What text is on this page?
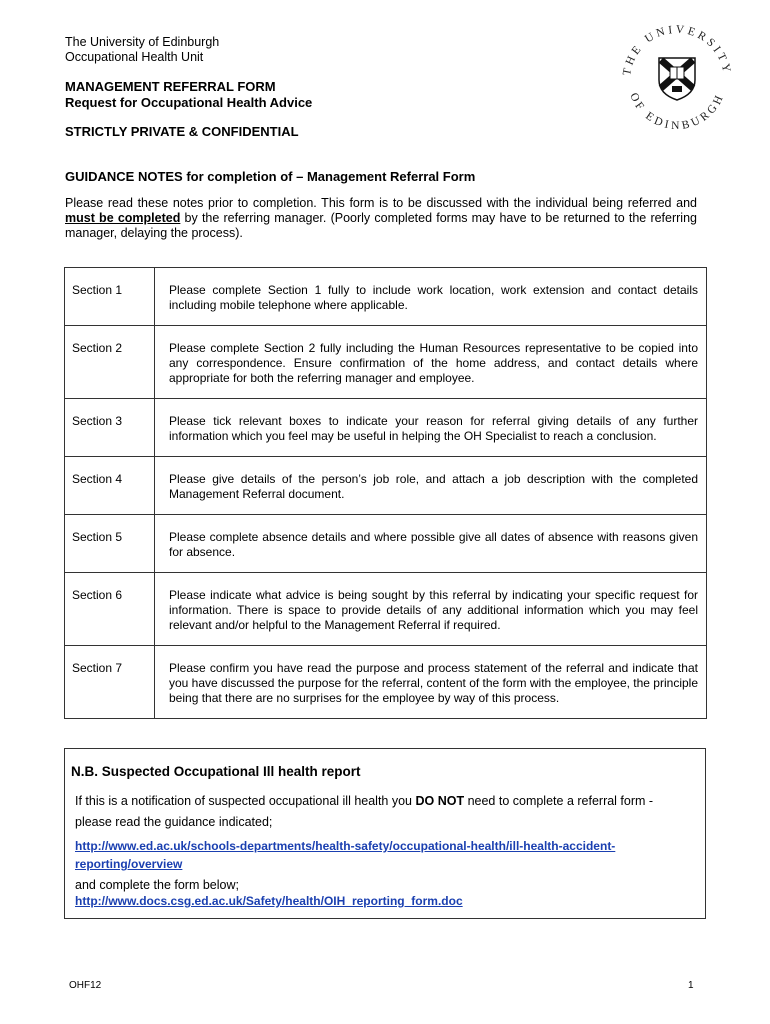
The University of Edinburgh
Occupational Health Unit
MANAGEMENT REFERRAL FORM
Request for Occupational Health Advice
STRICTLY PRIVATE & CONFIDENTIAL
THE UNIVERSITY
OF EDINBURGH
GUIDANCE NOTES for completion of – Management Referral Form
Please read these notes prior to completion. This form is to be discussed with the individual being referred and must be completed by the referring manager. (Poorly completed forms may have to be returned to the referring manager, delaying the process).
Section 1	Please complete Section 1 fully to include work location, work extension and contact details including mobile telephone where applicable.
Section 2	Please complete Section 2 fully including the Human Resources representative to be copied into any correspondence. Ensure confirmation of the home address, and contact details where appropriate for both the referring manager and employee.
Section 3	Please tick relevant boxes to indicate your reason for referral giving details of any further information which you feel may be useful in helping the OH Specialist to reach a conclusion.
Section 4	Please give details of the person’s job role, and attach a job description with the completed Management Referral document.
Section 5	Please complete absence details and where possible give all dates of absence with reasons given for absence.
Section 6	Please indicate what advice is being sought by this referral by indicating your specific request for information. There is space to provide details of any additional information which you may feel relevant and/or helpful to the Management Referral if required.
Section 7	Please confirm you have read the purpose and process statement of the referral and indicate that you have discussed the purpose for the referral, content of the form with the employee, the principle being that there are no surprises for the employee by way of this process.
N.B. Suspected Occupational Ill health report
If this is a notification of suspected occupational ill health you DO NOT need to complete a referral form -
please read the guidance indicated;
http://www.ed.ac.uk/schools-departments/health-safety/occupational-health/ill-health-accident-reporting/overview
and complete the form below;
http://www.docs.csg.ed.ac.uk/Safety/health/OIH_reporting_form.doc
OHF12	1
